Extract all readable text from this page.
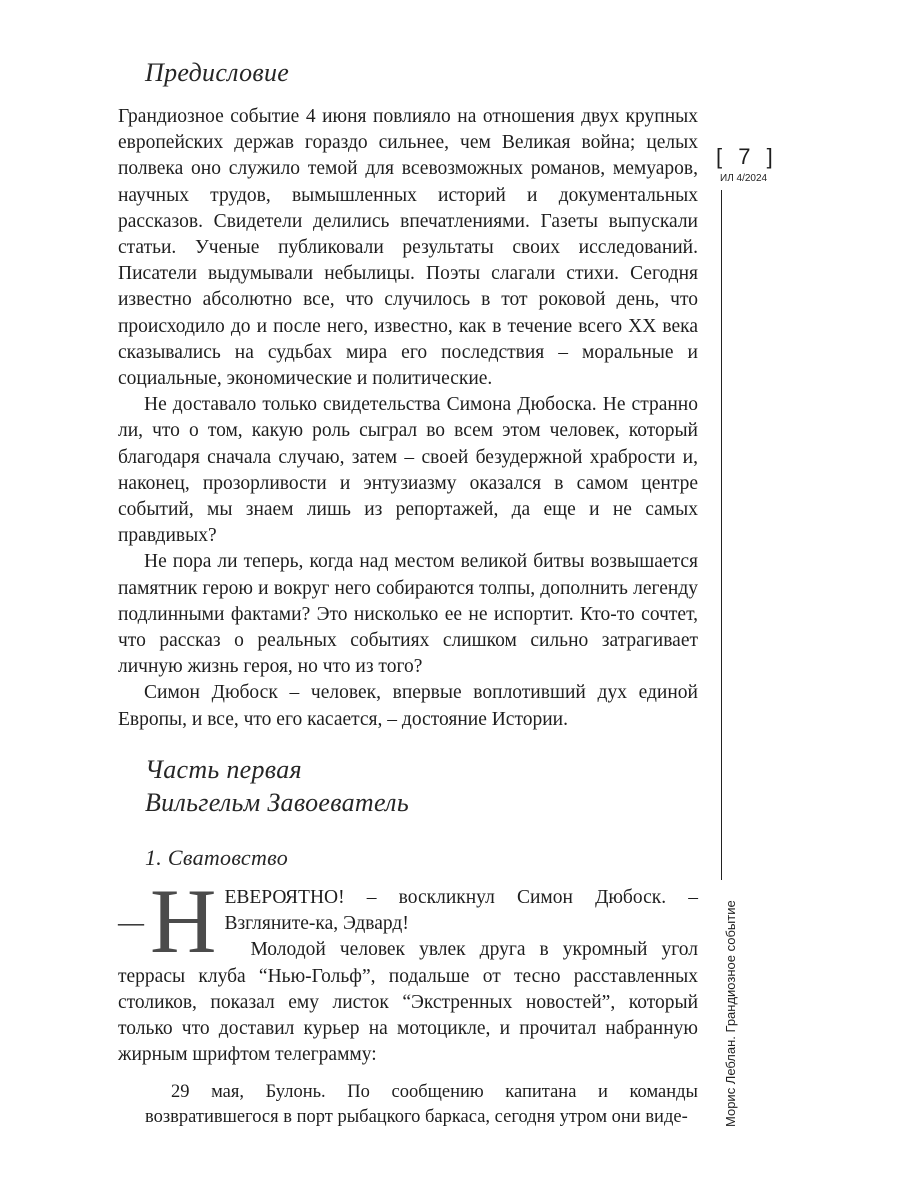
Предисловие

Грандиозное событие 4 июня повлияло на отношения двух крупных европейских держав гораздо сильнее, чем Великая война; целых полвека оно служило темой для всевозможных романов, мемуаров, научных трудов, вымышленных историй и документальных рассказов. Свидетели делились впечатлениями. Газеты выпускали статьи. Ученые публиковали результаты своих исследований. Писатели выдумывали небылицы. Поэты слагали стихи. Сегодня известно абсолютно все, что случилось в тот роковой день, что происходило до и после него, известно, как в течение всего XX века сказывались на судьбах мира его последствия – моральные и социальные, экономические и политические.

Не доставало только свидетельства Симона Дюбоска. Не странно ли, что о том, какую роль сыграл во всем этом человек, который благодаря сначала случаю, затем – своей безудержной храбрости и, наконец, прозорливости и энтузиазму оказался в самом центре событий, мы знаем лишь из репортажей, да еще и не самых правдивых?

Не пора ли теперь, когда над местом великой битвы возвышается памятник герою и вокруг него собираются толпы, дополнить легенду подлинными фактами? Это нисколько ее не испортит. Кто-то сочтет, что рассказ о реальных событиях слишком сильно затрагивает личную жизнь героя, но что из того?

Симон Дюбоск – человек, впервые воплотивший дух единой Европы, и все, что его касается, – достояние Истории.

Часть первая
Вильгельм Завоеватель
1. Сватовство
—Н ЕВЕРОЯТНО! – воскликнул Симон Дюбоск. – Взгляните-ка, Эдвард!

Молодой человек увлек друга в укромный угол террасы клуба “Нью-Гольф”, подальше от тесно расставленных столиков, показал ему листок “Экстренных новостей”, который только что доставил курьер на мотоцикле, и прочитал набранную жирным шрифтом телеграмму:

29 мая, Булонь. По сообщению капитана и команды возвратившегося в порт рыбацкого баркаса, сегодня утром они виде-

[ 7 ]
ИЛ 4/2024
Морис Леблан. Грандиозное событие
